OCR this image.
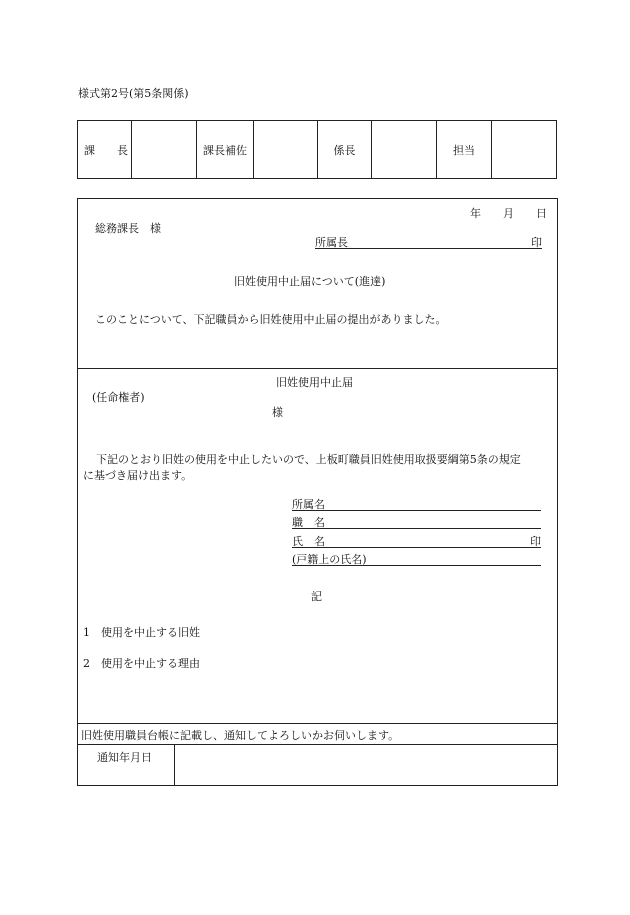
様式第2号(第5条関係)
課　　長	課長補佐	係長	担当
年　　月　　日
総務課長　様
所属長	印
旧姓使用中止届について(進達)
このことについて、下記職員から旧姓使用中止届の提出がありました。
旧姓使用中止届
(任命権者)
様
下記のとおり旧姓の使用を中止したいので、上板町職員旧姓使用取扱要綱第5条の規定
に基づき届け出ます。
所属名
職　名
氏　名	印
(戸籍上の氏名)
記
1　使用を中止する旧姓
2　使用を中止する理由
旧姓使用職員台帳に記載し、通知してよろしいかお伺いします。
通知年月日
